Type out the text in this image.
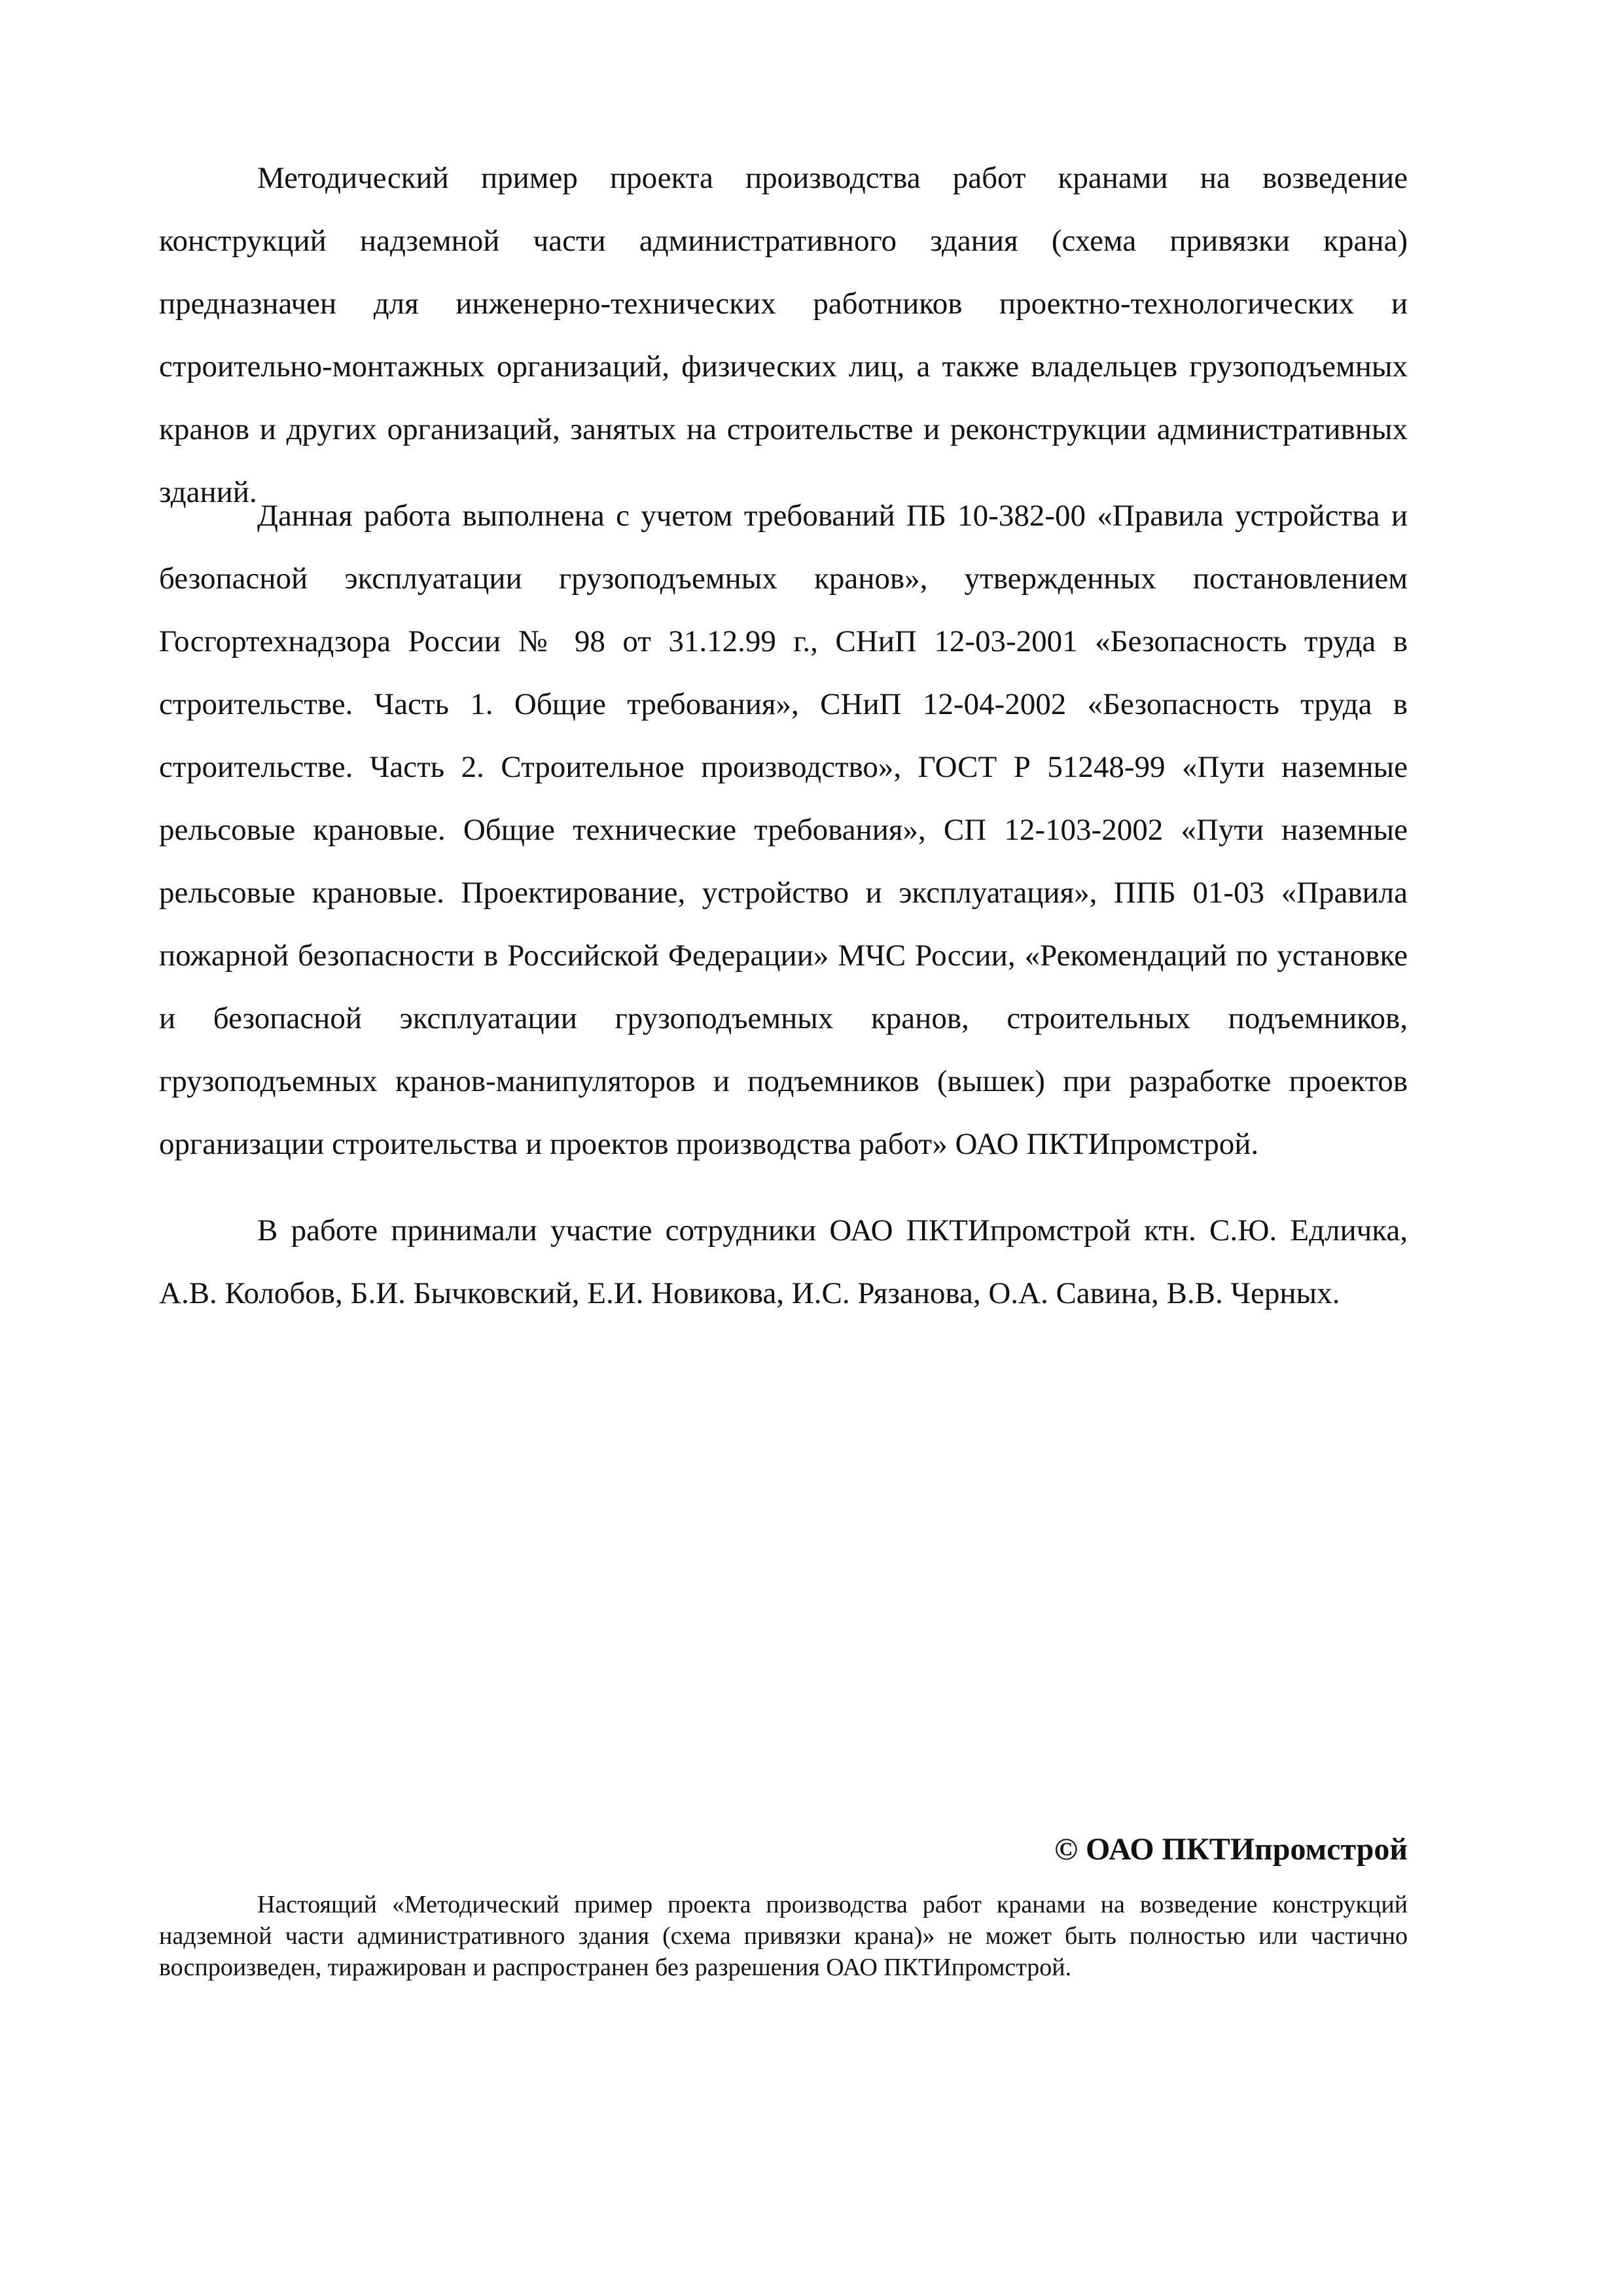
Методический пример проекта производства работ кранами на возведение конструкций надземной части административного здания (схема привязки крана) предназначен для инженерно-технических работников проектно-технологических и строительно-монтажных организаций, физических лиц, а также владельцев грузоподъемных кранов и других организаций, занятых на строительстве и реконструкции административных зданий.

Данная работа выполнена с учетом требований ПБ 10-382-00 «Правила устройства и безопасной эксплуатации грузоподъемных кранов», утвержденных постановлением Госгортехнадзора России № 98 от 31.12.99 г., СНиП 12-03-2001 «Безопасность труда в строительстве. Часть 1. Общие требования», СНиП 12-04-2002 «Безопасность труда в строительстве. Часть 2. Строительное производство», ГОСТ Р 51248-99 «Пути наземные рельсовые крановые. Общие технические требования», СП 12-103-2002 «Пути наземные рельсовые крановые. Проектирование, устройство и эксплуатация», ППБ 01-03 «Правила пожарной безопасности в Российской Федерации» МЧС России, «Рекомендаций по установке и безопасной эксплуатации грузоподъемных кранов, строительных подъемников, грузоподъемных кранов-манипуляторов и подъемников (вышек) при разработке проектов организации строительства и проектов производства работ» ОАО ПКТИпромстрой.

В работе принимали участие сотрудники ОАО ПКТИпромстрой ктн. С.Ю. Едличка, А.В. Колобов, Б.И. Бычковский, Е.И. Новикова, И.С. Рязанова, О.А. Савина, В.В. Черных.

© ОАО ПКТИпромстрой

Настоящий «Методический пример проекта производства работ кранами на возведение конструкций надземной части административного здания (схема привязки крана)» не может быть полностью или частично воспроизведен, тиражирован и распространен без разрешения ОАО ПКТИпромстрой.
